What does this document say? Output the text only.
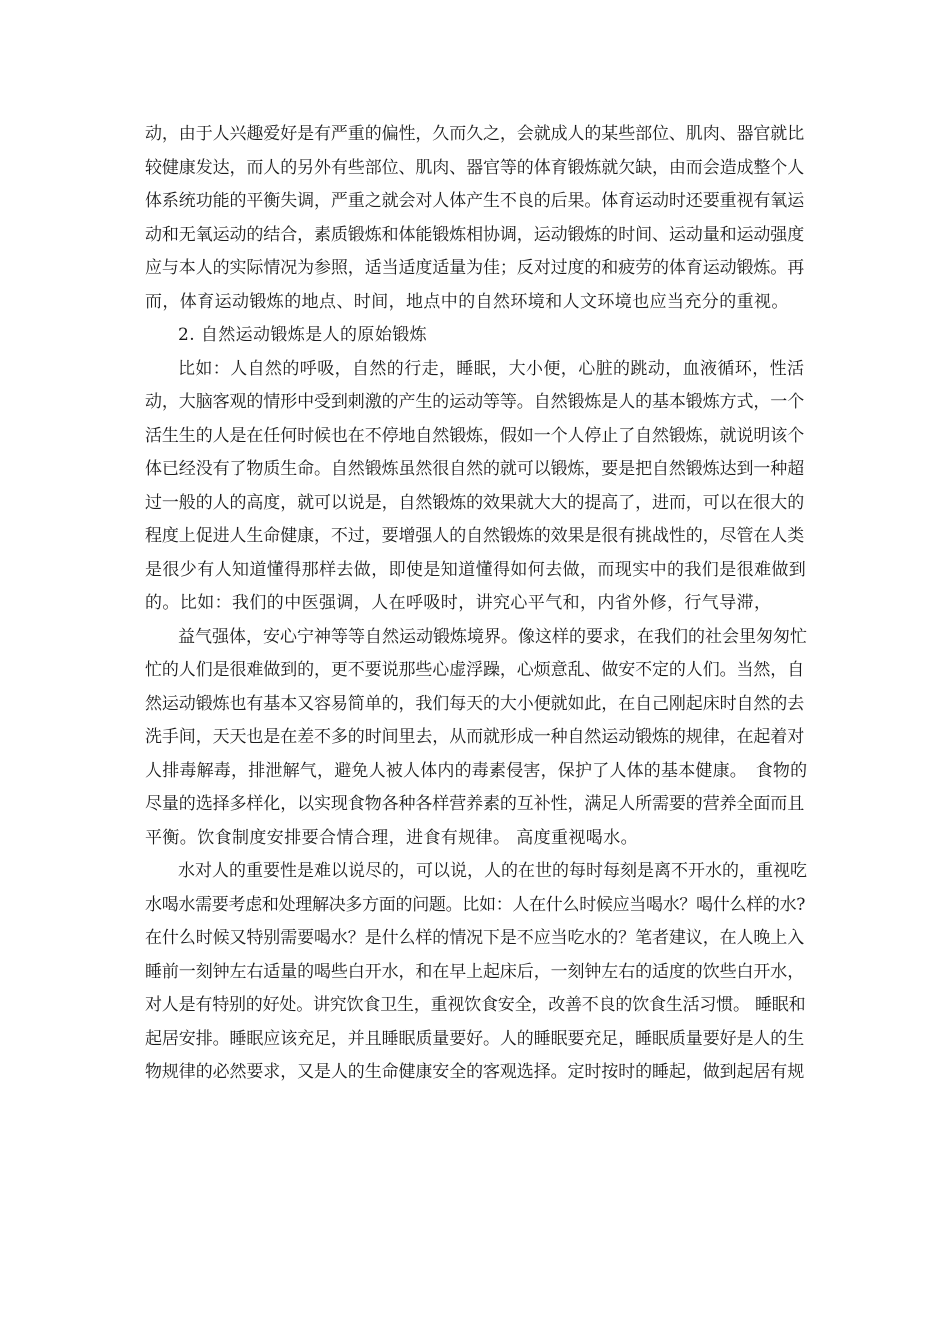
动，由于人兴趣爱好是有严重的偏性，久而久之，会就成人的某些部位、肌肉、器官就比
较健康发达，而人的另外有些部位、肌肉、器官等的体育锻炼就欠缺，由而会造成整个人
体系统功能的平衡失调，严重之就会对人体产生不良的后果。体育运动时还要重视有氧运
动和无氧运动的结合，素质锻炼和体能锻炼相协调，运动锻炼的时间、运动量和运动强度
应与本人的实际情况为参照，适当适度适量为佳；反对过度的和疲劳的体育运动锻炼。再
而，体育运动锻炼的地点、时间，地点中的自然环境和人文环境也应当充分的重视。
2. 自然运动锻炼是人的原始锻炼
比如：人自然的呼吸，自然的行走，睡眠，大小便，心脏的跳动，血液循环，性活
动，大脑客观的情形中受到刺激的产生的运动等等。自然锻炼是人的基本锻炼方式，一个
活生生的人是在任何时候也在不停地自然锻炼，假如一个人停止了自然锻炼，就说明该个
体已经没有了物质生命。自然锻炼虽然很自然的就可以锻炼，要是把自然锻炼达到一种超
过一般的人的高度，就可以说是，自然锻炼的效果就大大的提高了，进而，可以在很大的
程度上促进人生命健康，不过，要增强人的自然锻炼的效果是很有挑战性的，尽管在人类
是很少有人知道懂得那样去做，即使是知道懂得如何去做，而现实中的我们是很难做到
的。比如：我们的中医强调，人在呼吸时，讲究心平气和，内省外修，行气导滞，
益气强体，安心宁神等等自然运动锻炼境界。像这样的要求，在我们的社会里匆匆忙
忙的人们是很难做到的，更不要说那些心虚浮躁，心烦意乱、做安不定的人们。当然，自
然运动锻炼也有基本又容易简单的，我们每天的大小便就如此，在自己刚起床时自然的去
洗手间，天天也是在差不多的时间里去，从而就形成一种自然运动锻炼的规律，在起着对
人排毒解毒，排泄解气，避免人被人体内的毒素侵害，保护了人体的基本健康。　食物的
尽量的选择多样化，以实现食物各种各样营养素的互补性，满足人所需要的营养全面而且
平衡。饮食制度安排要合情合理，进食有规律。 高度重视喝水。
水对人的重要性是难以说尽的，可以说，人的在世的每时每刻是离不开水的，重视吃
水喝水需要考虑和处理解决多方面的问题。比如：人在什么时候应当喝水？喝什么样的水?
在什么时候又特别需要喝水？是什么样的情况下是不应当吃水的？笔者建议，在人晚上入
睡前一刻钟左右适量的喝些白开水，和在早上起床后，一刻钟左右的适度的饮些白开水，
对人是有特别的好处。讲究饮食卫生，重视饮食安全，改善不良的饮食生活习惯。 睡眠和
起居安排。睡眠应该充足，并且睡眠质量要好。人的睡眠要充足，睡眠质量要好是人的生
物规律的必然要求，又是人的生命健康安全的客观选择。定时按时的睡起，做到起居有规
